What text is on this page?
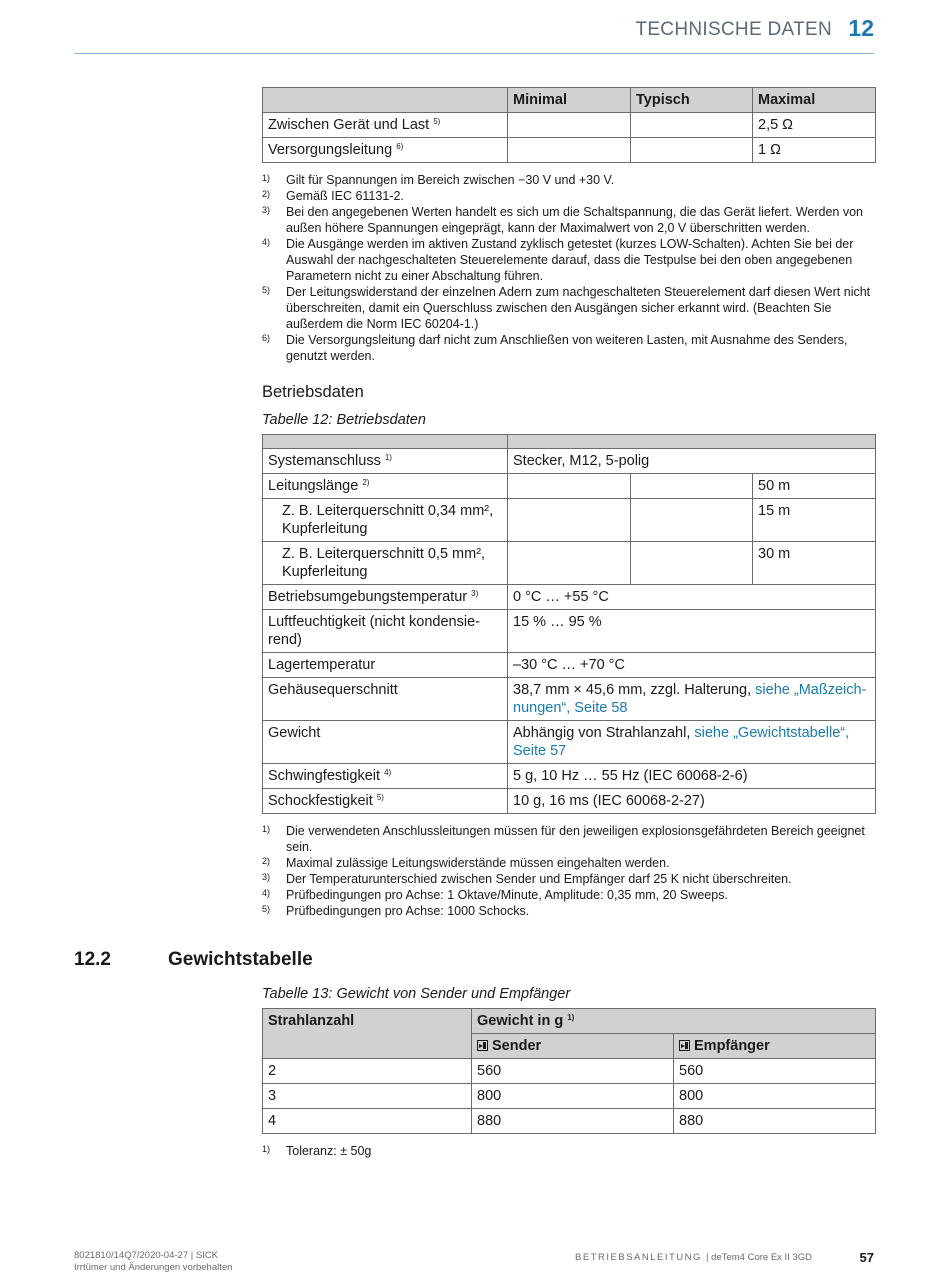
TECHNISCHE DATEN 12
	Minimal	Typisch	Maximal
Zwischen Gerät und Last $^{5)}$			2,5 Ω
Versorgungsleitung $^{6)}$			1 Ω
1)	Gilt für Spannungen im Bereich zwischen −30 V und +30 V.
2)	Gemäß IEC 61131-2.
3)	Bei den angegebenen Werten handelt es sich um die Schaltspannung, die das Gerät liefert. Werden von außen höhere Spannungen eingeprägt, kann der Maximalwert von 2,0 V überschritten werden.
4)	Die Ausgänge werden im aktiven Zustand zyklisch getestet (kurzes LOW-Schalten). Achten Sie bei der Auswahl der nachgeschalteten Steuerelemente darauf, dass die Testpulse bei den oben angegebenen Parametern nicht zu einer Abschaltung führen.
5)	Der Leitungswiderstand der einzelnen Adern zum nachgeschalteten Steuerelement darf diesen Wert nicht überschreiten, damit ein Querschluss zwischen den Ausgängen sicher erkannt wird. (Beachten Sie außerdem die Norm IEC 60204-1.)
6)	Die Versorgungsleitung darf nicht zum Anschließen von weiteren Lasten, mit Ausnahme des Senders, genutzt werden.
Betriebsdaten
Tabelle 12: Betriebsdaten

Systemanschluss $^{1)}$	Stecker, M12, 5-polig		
Leitungslänge $^{2)}$			50 m
Z. B. Leiterquerschnitt 0,34 mm², Kupferleitung			15 m
Z. B. Leiterquerschnitt 0,5 mm², Kupferleitung			30 m
Betriebsumgebungstemperatur $^{3)}$	0 °C … +55 °C		
Luftfeuchtigkeit (nicht kondensierend)	15 % … 95 %		
Lagertemperatur	–30 °C … +70 °C		
Gehäusequerschnitt	38,7 mm × 45,6 mm, zzgl. Halterung, siehe „Maßzeichnungen“, Seite 58		
Gewicht	Abhängig von Strahlanzahl, siehe „Gewichtstabelle“, Seite 57		
Schwingfestigkeit $^{4)}$	5 g, 10 Hz … 55 Hz (IEC 60068-2-6)		
Schockfestigkeit $^{5)}$	10 g, 16 ms (IEC 60068-2-27)		
1)	Die verwendeten Anschlussleitungen müssen für den jeweiligen explosionsgefährdeten Bereich geeignet sein.
2)	Maximal zulässige Leitungswiderstände müssen eingehalten werden.
3)	Der Temperaturunterschied zwischen Sender und Empfänger darf 25 K nicht überschreiten.
4)	Prüfbedingungen pro Achse: 1 Oktave/Minute, Amplitude: 0,35 mm, 20 Sweeps.
5)	Prüfbedingungen pro Achse: 1000 Schocks.
12.2	Gewichtstabelle
Tabelle 13: Gewicht von Sender und Empfänger
Strahlanzahl	Gewicht in g $^{1)}$
	Sender	Empfänger
2	560	560
3	800	800
4	880	880
1)	Toleranz: ± 50g
8021810/14Q7/2020-04-27 | SICK
Irrtümer und Änderungen vorbehalten
BETRIEBSANLEITUNG | deTem4 Core Ex II 3GD	57
